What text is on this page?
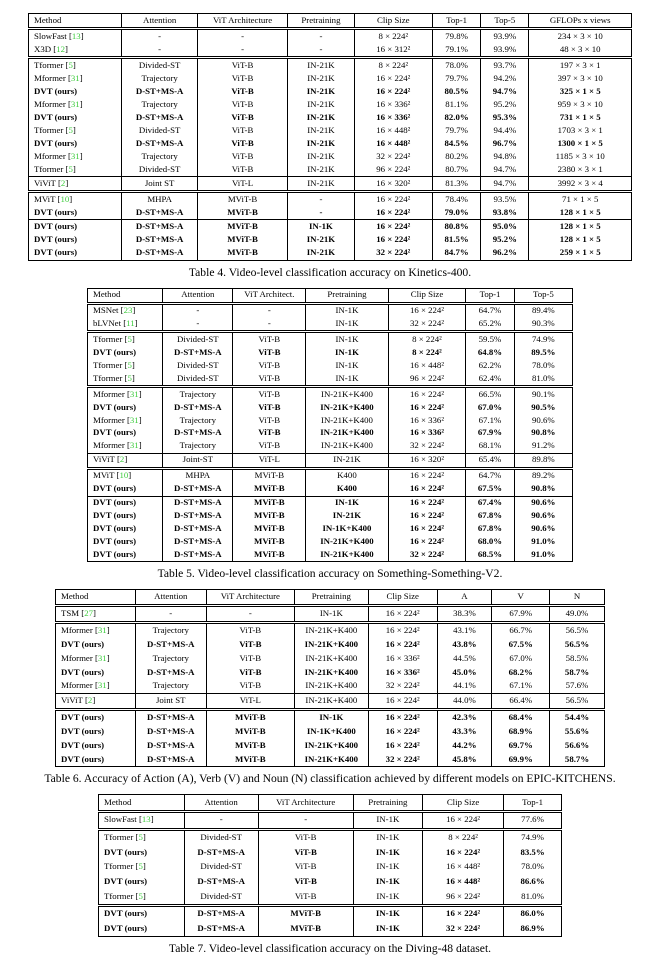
Method	Attention	ViT Architecture	Pretraining	Clip Size	Top-1	Top-5	GFLOPs x views
SlowFast [13]	-	-	-	8 × 224²	79.8%	93.9%	234 × 3 × 10
X3D [12]	-	-	-	16 × 312²	79.1%	93.9%	48 × 3 × 10
Tformer [5]	Divided-ST	ViT-B	IN-21K	8 × 224²	78.0%	93.7%	197 × 3 × 1
Mformer [31]	Trajectory	ViT-B	IN-21K	16 × 224²	79.7%	94.2%	397 × 3 × 10
DVT (ours)	D-ST+MS-A	ViT-B	IN-21K	16 × 224²	80.5%	94.7%	325 × 1 × 5
Mformer [31]	Trajectory	ViT-B	IN-21K	16 × 336²	81.1%	95.2%	959 × 3 × 10
DVT (ours)	D-ST+MS-A	ViT-B	IN-21K	16 × 336²	82.0%	95.3%	731 × 1 × 5
Tformer [5]	Divided-ST	ViT-B	IN-21K	16 × 448²	79.7%	94.4%	1703 × 3 × 1
DVT (ours)	D-ST+MS-A	ViT-B	IN-21K	16 × 448²	84.5%	96.7%	1300 × 1 × 5
Mformer [31]	Trajectory	ViT-B	IN-21K	32 × 224²	80.2%	94.8%	1185 × 3 × 10
Tformer [5]	Divided-ST	ViT-B	IN-21K	96 × 224²	80.7%	94.7%	2380 × 3 × 1
ViViT [2]	Joint ST	ViT-L	IN-21K	16 × 320²	81.3%	94.7%	3992 × 3 × 4
MViT [10]	MHPA	MViT-B	-	16 × 224²	78.4%	93.5%	71 × 1 × 5
DVT (ours)	D-ST+MS-A	MViT-B	-	16 × 224²	79.0%	93.8%	128 × 1 × 5
DVT (ours)	D-ST+MS-A	MViT-B	IN-1K	16 × 224²	80.8%	95.0%	128 × 1 × 5
DVT (ours)	D-ST+MS-A	MViT-B	IN-21K	16 × 224²	81.5%	95.2%	128 × 1 × 5
DVT (ours)	D-ST+MS-A	MViT-B	IN-21K	32 × 224²	84.7%	96.2%	259 × 1 × 5
Table 4. Video-level classification accuracy on Kinetics-400.
Method	Attention	ViT Architect.	Pretraining	Clip Size	Top-1	Top-5
MSNet [23]	-	-	IN-1K	16 × 224²	64.7%	89.4%
bLVNet [11]	-	-	IN-1K	32 × 224²	65.2%	90.3%
Tformer [5]	Divided-ST	ViT-B	IN-1K	8 × 224²	59.5%	74.9%
DVT (ours)	D-ST+MS-A	ViT-B	IN-1K	8 × 224²	64.8%	89.5%
Tformer [5]	Divided-ST	ViT-B	IN-1K	16 × 448²	62.2%	78.0%
Tformer [5]	Divided-ST	ViT-B	IN-1K	96 × 224²	62.4%	81.0%
Mformer [31]	Trajectory	ViT-B	IN-21K+K400	16 × 224²	66.5%	90.1%
DVT (ours)	D-ST+MS-A	ViT-B	IN-21K+K400	16 × 224²	67.0%	90.5%
Mformer [31]	Trajectory	ViT-B	IN-21K+K400	16 × 336²	67.1%	90.6%
DVT (ours)	D-ST+MS-A	ViT-B	IN-21K+K400	16 × 336²	67.9%	90.8%
Mformer [31]	Trajectory	ViT-B	IN-21K+K400	32 × 224²	68.1%	91.2%
ViViT [2]	Joint-ST	ViT-L	IN-21K	16 × 320²	65.4%	89.8%
MViT [10]	MHPA	MViT-B	K400	16 × 224²	64.7%	89.2%
DVT (ours)	D-ST+MS-A	MViT-B	K400	16 × 224²	67.5%	90.8%
DVT (ours)	D-ST+MS-A	MViT-B	IN-1K	16 × 224²	67.4%	90.6%
DVT (ours)	D-ST+MS-A	MViT-B	IN-21K	16 × 224²	67.8%	90.6%
DVT (ours)	D-ST+MS-A	MViT-B	IN-1K+K400	16 × 224²	67.8%	90.6%
DVT (ours)	D-ST+MS-A	MViT-B	IN-21K+K400	16 × 224²	68.0%	91.0%
DVT (ours)	D-ST+MS-A	MViT-B	IN-21K+K400	32 × 224²	68.5%	91.0%
Table 5. Video-level classification accuracy on Something-Something-V2.
Method	Attention	ViT Architecture	Pretraining	Clip Size	A	V	N
TSM [27]	-	-	IN-1K	16 × 224²	38.3%	67.9%	49.0%
Mformer [31]	Trajectory	ViT-B	IN-21K+K400	16 × 224²	43.1%	66.7%	56.5%
DVT (ours)	D-ST+MS-A	ViT-B	IN-21K+K400	16 × 224²	43.8%	67.5%	56.5%
Mformer [31]	Trajectory	ViT-B	IN-21K+K400	16 × 336²	44.5%	67.0%	58.5%
DVT (ours)	D-ST+MS-A	ViT-B	IN-21K+K400	16 × 336²	45.0%	68.2%	58.7%
Mformer [31]	Trajectory	ViT-B	IN-21K+K400	32 × 224²	44.1%	67.1%	57.6%
ViViT [2]	Joint ST	ViT-L	IN-21K+K400	16 × 224²	44.0%	66.4%	56.5%
DVT (ours)	D-ST+MS-A	MViT-B	IN-1K	16 × 224²	42.3%	68.4%	54.4%
DVT (ours)	D-ST+MS-A	MViT-B	IN-1K+K400	16 × 224²	43.3%	68.9%	55.6%
DVT (ours)	D-ST+MS-A	MViT-B	IN-21K+K400	16 × 224²	44.2%	69.7%	56.6%
DVT (ours)	D-ST+MS-A	MViT-B	IN-21K+K400	32 × 224²	45.8%	69.9%	58.7%
Table 6. Accuracy of Action (A), Verb (V) and Noun (N) classification achieved by different models on EPIC-KITCHENS.
Method	Attention	ViT Architecture	Pretraining	Clip Size	Top-1
SlowFast [13]	-	-	IN-1K	16 × 224²	77.6%
Tformer [5]	Divided-ST	ViT-B	IN-1K	8 × 224²	74.9%
DVT (ours)	D-ST+MS-A	ViT-B	IN-1K	16 × 224²	83.5%
Tformer [5]	Divided-ST	ViT-B	IN-1K	16 × 448²	78.0%
DVT (ours)	D-ST+MS-A	ViT-B	IN-1K	16 × 448²	86.6%
Tformer [5]	Divided-ST	ViT-B	IN-1K	96 × 224²	81.0%
DVT (ours)	D-ST+MS-A	MViT-B	IN-1K	16 × 224²	86.0%
DVT (ours)	D-ST+MS-A	MViT-B	IN-1K	32 × 224²	86.9%
Table 7. Video-level classification accuracy on the Diving-48 dataset.
